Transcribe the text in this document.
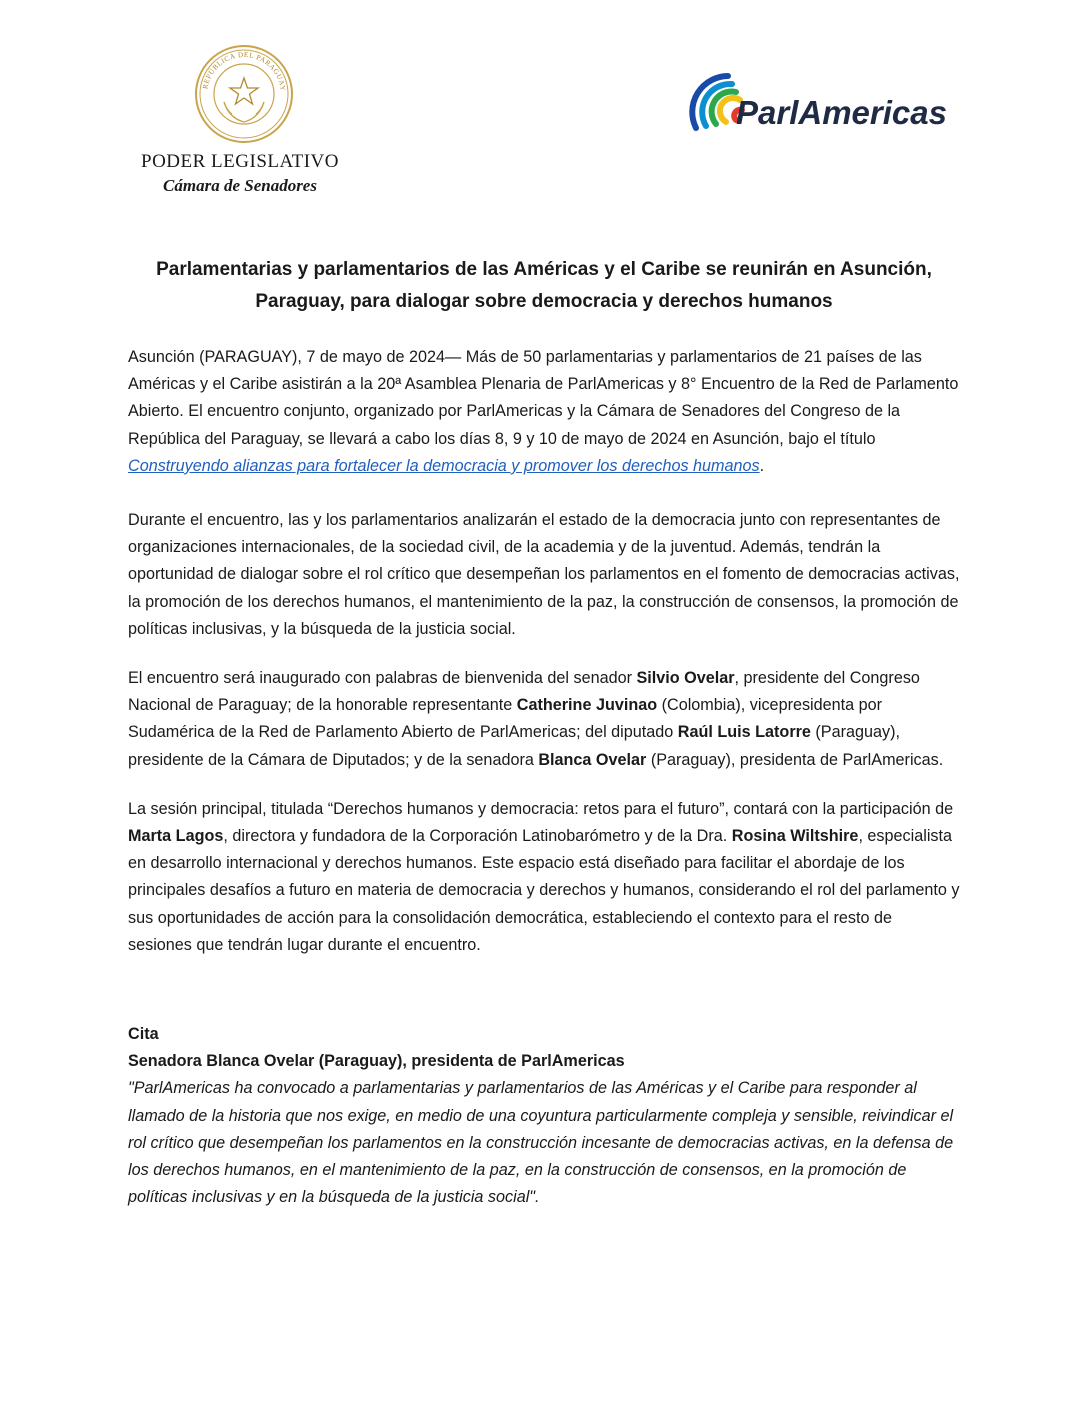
REPÚBLICA DEL PARAGUAY
PODER LEGISLATIVO
Cámara de Senadores
ParlAmericas
Parlamentarias y parlamentarios de las Américas y el Caribe se reunirán en Asunción, Paraguay, para dialogar sobre democracia y derechos humanos

Asunción (PARAGUAY), 7 de mayo de 2024— Más de 50 parlamentarias y parlamentarios de 21 países de las Américas y el Caribe asistirán a la 20ª Asamblea Plenaria de ParlAmericas y 8° Encuentro de la Red de Parlamento Abierto. El encuentro conjunto, organizado por ParlAmericas y la Cámara de Senadores del Congreso de la República del Paraguay, se llevará a cabo los días 8, 9 y 10 de mayo de 2024 en Asunción, bajo el título Construyendo alianzas para fortalecer la democracia y promover los derechos humanos.

Durante el encuentro, las y los parlamentarios analizarán el estado de la democracia junto con representantes de organizaciones internacionales, de la sociedad civil, de la academia y de la juventud. Además, tendrán la oportunidad de dialogar sobre el rol crítico que desempeñan los parlamentos en el fomento de democracias activas, la promoción de los derechos humanos, el mantenimiento de la paz, la construcción de consensos, la promoción de políticas inclusivas, y la búsqueda de la justicia social.

El encuentro será inaugurado con palabras de bienvenida del senador Silvio Ovelar, presidente del Congreso Nacional de Paraguay; de la honorable representante Catherine Juvinao (Colombia), vicepresidenta por Sudamérica de la Red de Parlamento Abierto de ParlAmericas; del diputado Raúl Luis Latorre (Paraguay), presidente de la Cámara de Diputados; y de la senadora Blanca Ovelar (Paraguay), presidenta de ParlAmericas.

La sesión principal, titulada “Derechos humanos y democracia: retos para el futuro”, contará con la participación de Marta Lagos, directora y fundadora de la Corporación Latinobarómetro y de la Dra. Rosina Wiltshire, especialista en desarrollo internacional y derechos humanos. Este espacio está diseñado para facilitar el abordaje de los principales desafíos a futuro en materia de democracia y derechos y humanos, considerando el rol del parlamento y sus oportunidades de acción para la consolidación democrática, estableciendo el contexto para el resto de sesiones que tendrán lugar durante el encuentro.

Cita
Senadora Blanca Ovelar (Paraguay), presidenta de ParlAmericas
"ParlAmericas ha convocado a parlamentarias y parlamentarios de las Américas y el Caribe para responder al llamado de la historia que nos exige, en medio de una coyuntura particularmente compleja y sensible, reivindicar el rol crítico que desempeñan los parlamentos en la construcción incesante de democracias activas, en la defensa de los derechos humanos, en el mantenimiento de la paz, en la construcción de consensos, en la promoción de políticas inclusivas y en la búsqueda de la justicia social".
